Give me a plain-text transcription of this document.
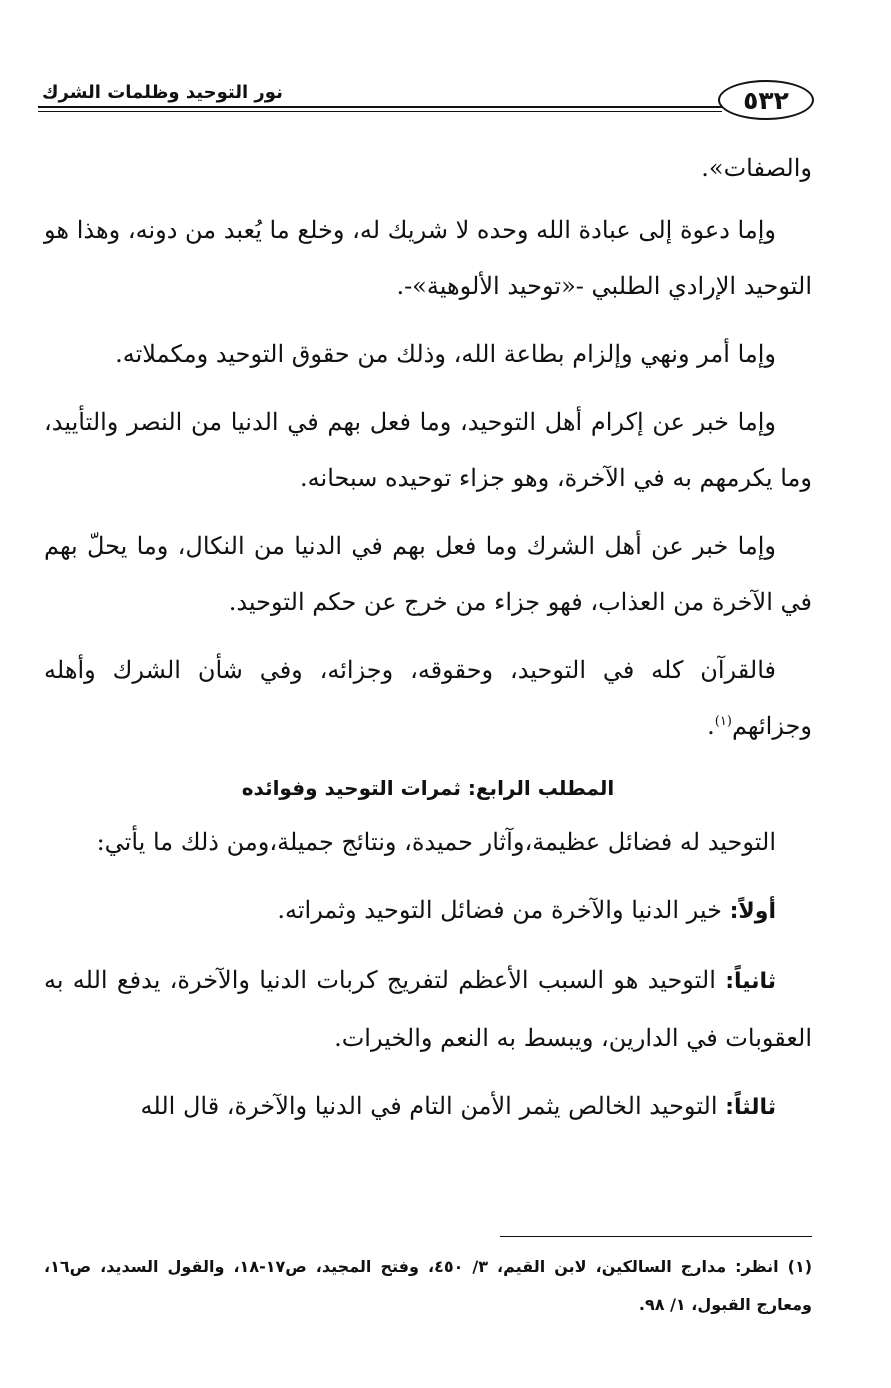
نور التوحيد وظلمات الشرك	٥٣٢

والصفات».

وإما دعوة إلى عبادة الله وحده لا شريك له، وخلع ما يُعبد من دونه، وهذا هو التوحيد الإرادي الطلبي -«توحيد الألوهية»-.

وإما أمر ونهي وإلزام بطاعة الله، وذلك من حقوق التوحيد ومكملاته.

وإما خبر عن إكرام أهل التوحيد، وما فعل بهم في الدنيا من النصر والتأييد، وما يكرمهم به في الآخرة، وهو جزاء توحيده سبحانه.

وإما خبر عن أهل الشرك وما فعل بهم في الدنيا من النكال، وما يحلّ بهم في الآخرة من العذاب، فهو جزاء من خرج عن حكم التوحيد.

فالقرآن كله في التوحيد، وحقوقه، وجزائه، وفي شأن الشرك وأهله وجزائهم$^{(١)}$.

المطلب الرابع: ثمرات التوحيد وفوائده

التوحيد له فضائل عظيمة،وآثار حميدة، ونتائج جميلة،ومن ذلك ما يأتي:

أولاً: خير الدنيا والآخرة من فضائل التوحيد وثمراته.

ثانياً: التوحيد هو السبب الأعظم لتفريج كربات الدنيا والآخرة، يدفع الله به العقوبات في الدارين، ويبسط به النعم والخيرات.

ثالثاً: التوحيد الخالص يثمر الأمن التام في الدنيا والآخرة، قال الله

(١) انظر: مدارج السالكين، لابن القيم، ٣/ ٤٥٠، وفتح المجيد، ص١٧-١٨، والقول السديد، ص١٦، ومعارج القبول، ١/ ٩٨.
